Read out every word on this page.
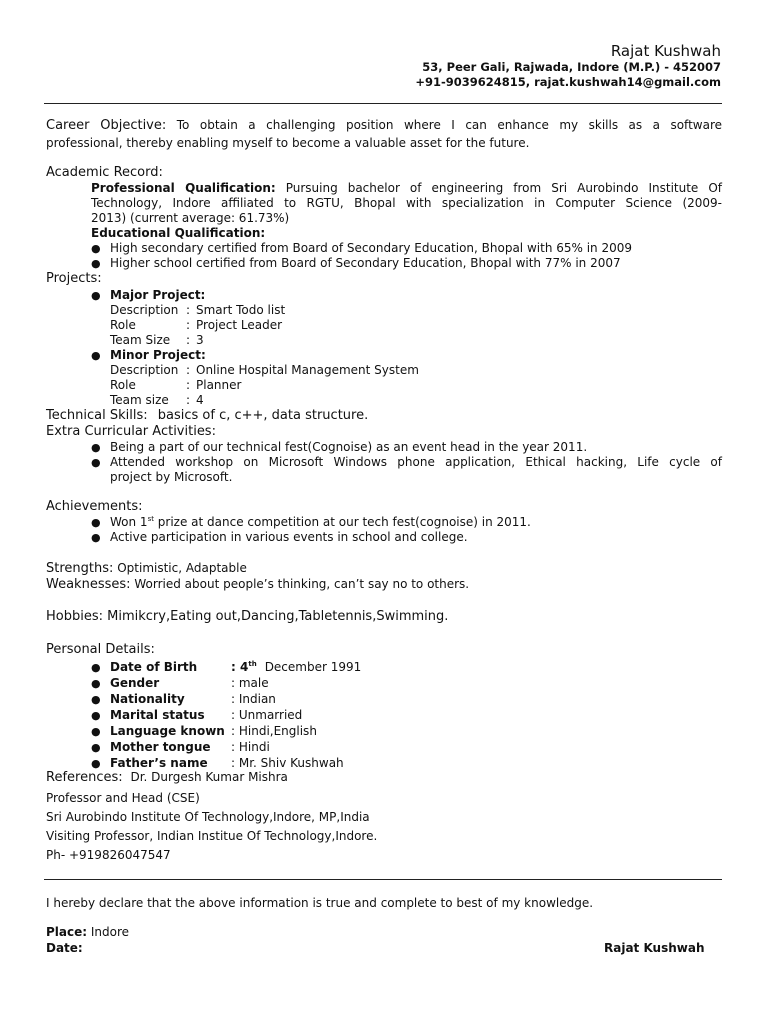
Rajat Kushwah
53, Peer Gali, Rajwada, Indore (M.P.) - 452007
+91-9039624815, rajat.kushwah14@gmail.com
Career Objective: To obtain a challenging position where I can enhance my skills as a software
professional, thereby enabling myself to become a valuable asset for the future.
Academic Record:
Professional Qualification: Pursuing bachelor of engineering from Sri Aurobindo Institute Of
Technology, Indore affiliated to RGTU, Bhopal with specialization in Computer Science (2009-
2013) (current average: 61.73%)
Educational Qualification:
● High secondary certified from Board of Secondary Education, Bhopal with 65% in 2009
● Higher school certified from Board of Secondary Education, Bhopal with 77% in 2007
Projects:
● Major Project:
Description : Smart Todo list
Role	: Project Leader
Team Size : 3
● Minor Project:
Description : Online Hospital Management System
Role	: Planner
Team size : 4
Technical Skills: basics of c, c++, data structure.
Extra Curricular Activities:
● Being a part of our technical fest(Cognoise) as an event head in the year 2011.
● Attended workshop on Microsoft Windows phone application, Ethical hacking, Life cycle of
project by Microsoft.
Achievements:
● Won 1st prize at dance competition at our tech fest(cognoise) in 2011.
● Active participation in various events in school and college.
Strengths: Optimistic, Adaptable
Weaknesses: Worried about people’s thinking, can’t say no to others.
Hobbies: Mimikcry,Eating out,Dancing,Tabletennis,Swimming.
Personal Details:
● Date of Birth	: 4th December 1991
● Gender	: male
● Nationality	: Indian
● Marital status : Unmarried
● Language known : Hindi,English
● Mother tongue : Hindi
● Father’s name : Mr. Shiv Kushwah
References: Dr. Durgesh Kumar Mishra
Professor and Head (CSE)
Sri Aurobindo Institute Of Technology,Indore, MP,India
Visiting Professor, Indian Institue Of Technology,Indore.
Ph- +919826047547
I hereby declare that the above information is true and complete to best of my knowledge.
Place: Indore
Date:	Rajat Kushwah
